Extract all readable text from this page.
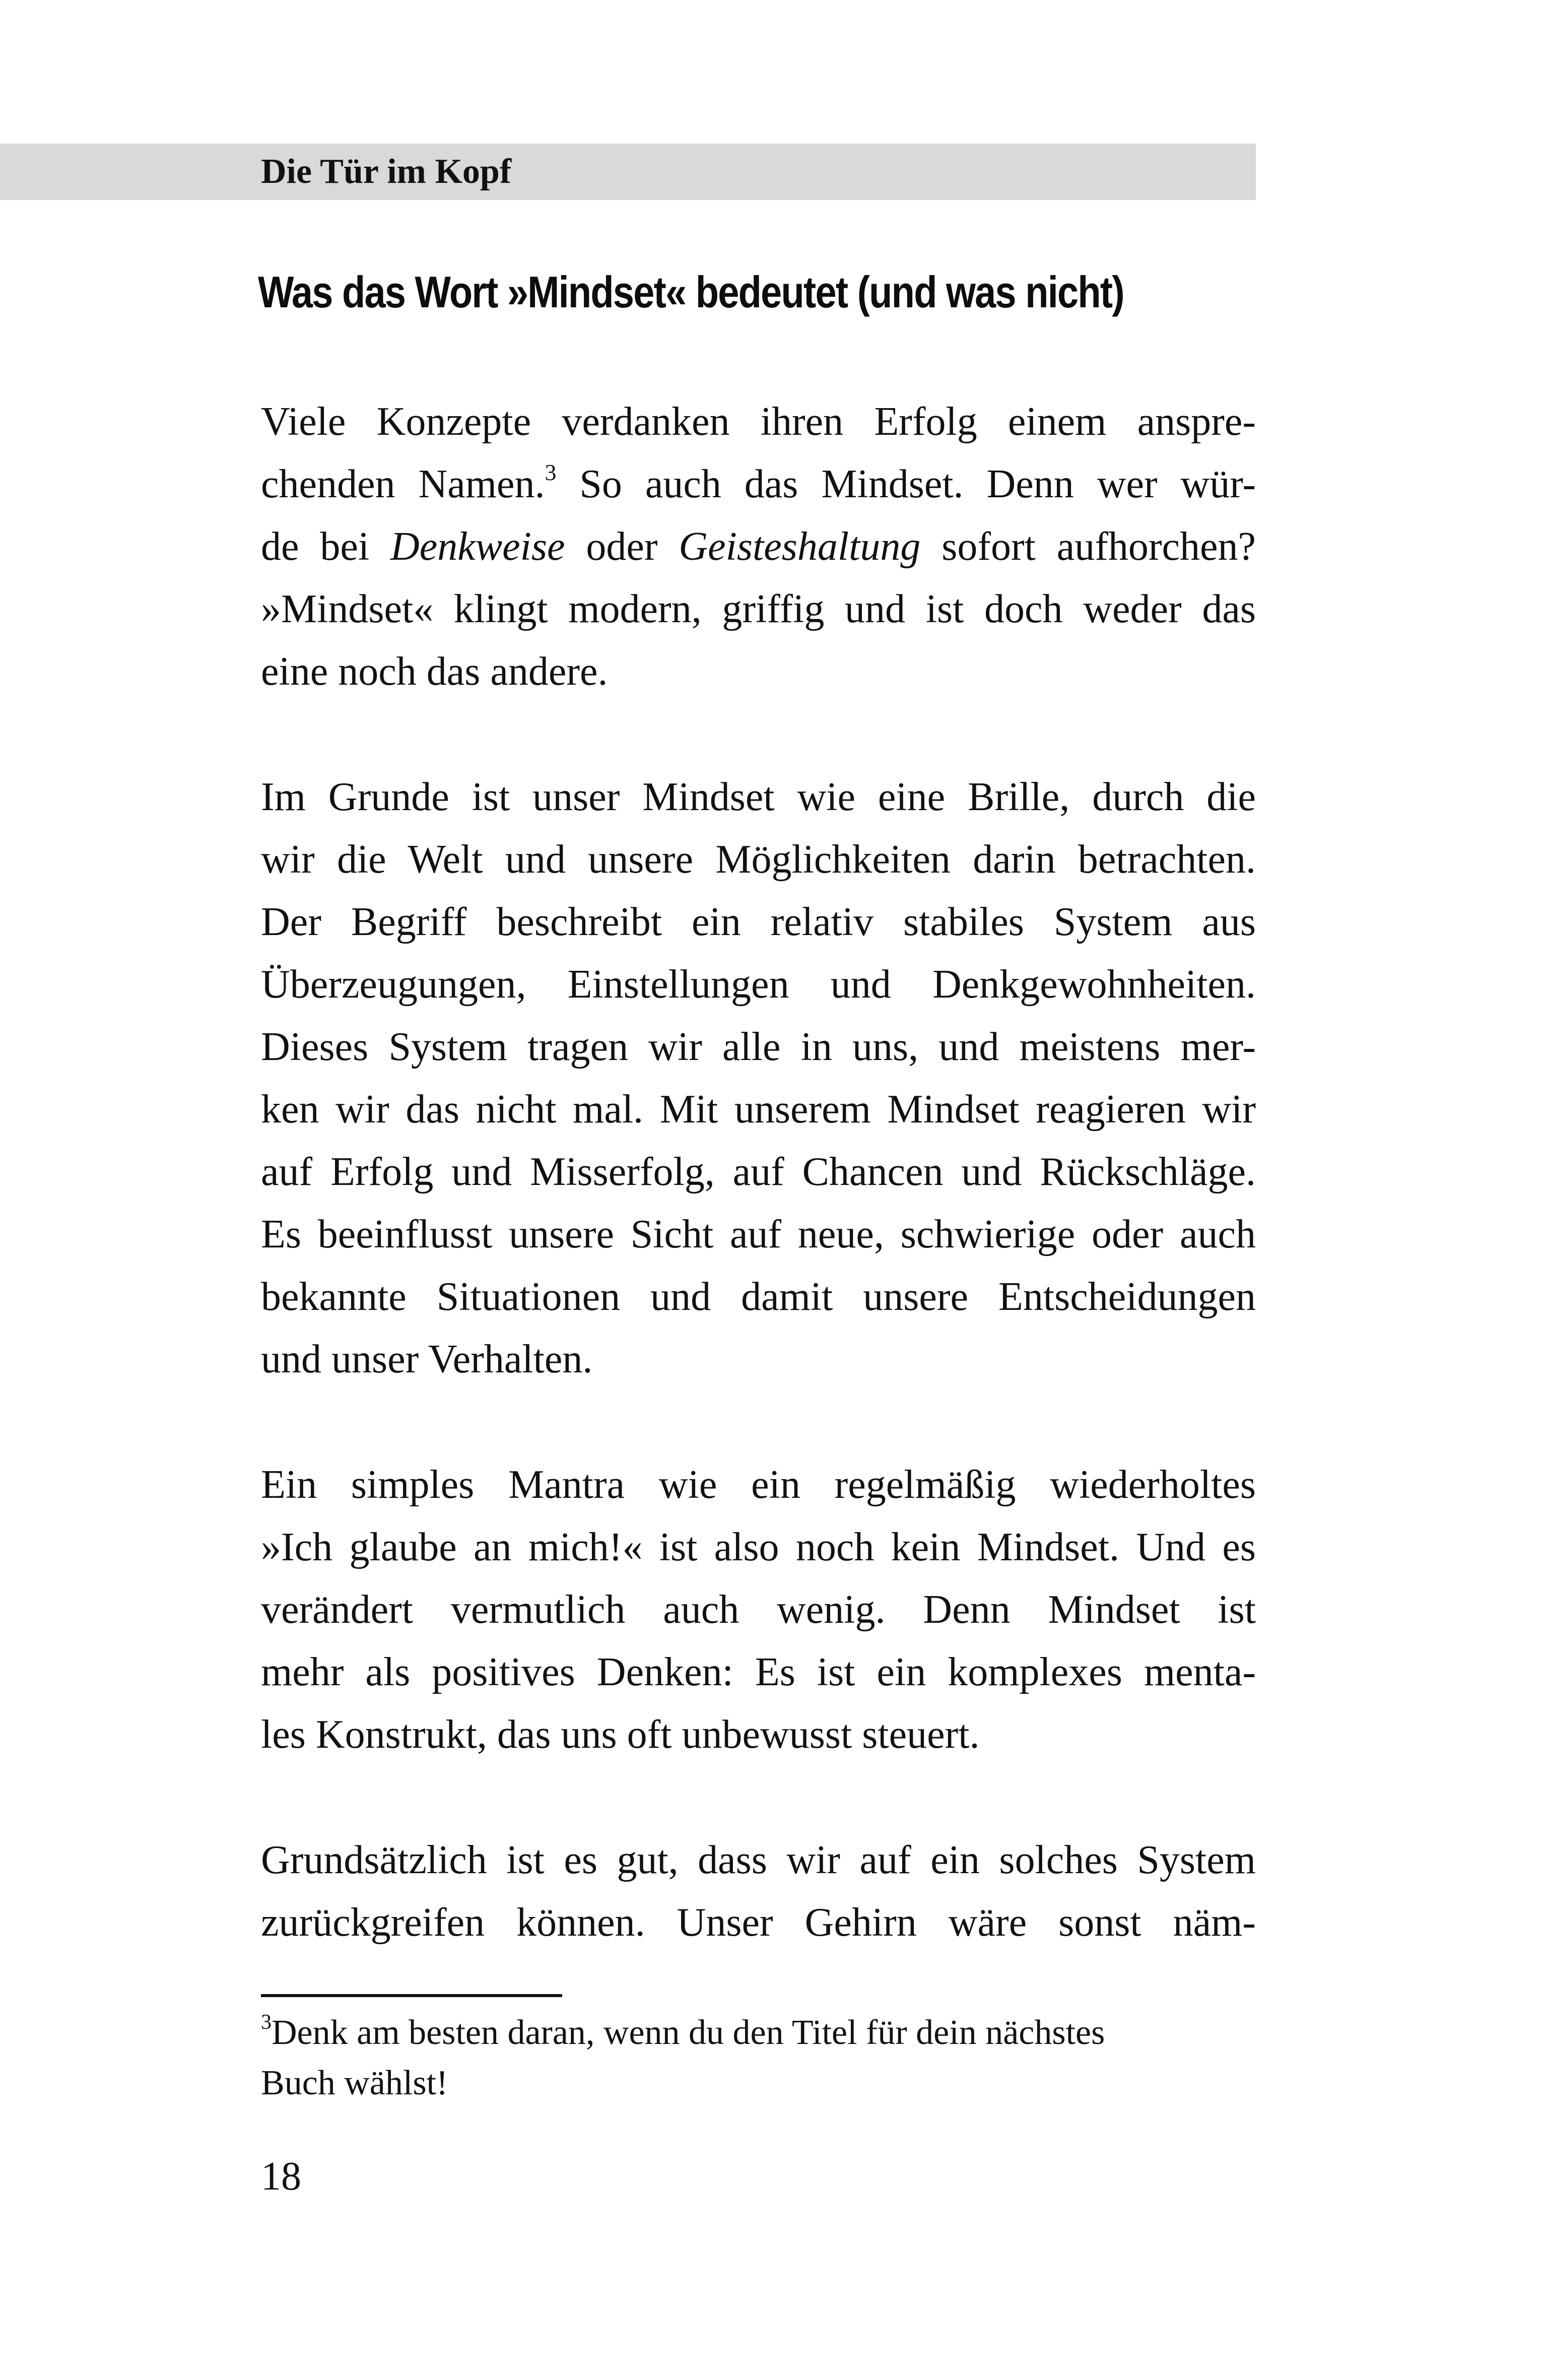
Die Tür im Kopf
Was das Wort »Mindset« bedeutet (und was nicht)

Viele Konzepte verdanken ihren Erfolg einem anspre-
chenden Namen.$^3$ So auch das Mindset. Denn wer wür-
de bei Denkweise oder Geisteshaltung sofort aufhorchen?
»Mindset« klingt modern, griffig und ist doch weder das
eine noch das andere.

Im Grunde ist unser Mindset wie eine Brille, durch die
wir die Welt und unsere Möglichkeiten darin betrachten.
Der Begriff beschreibt ein relativ stabiles System aus
Überzeugungen, Einstellungen und Denkgewohnheiten.
Dieses System tragen wir alle in uns, und meistens mer-
ken wir das nicht mal. Mit unserem Mindset reagieren wir
auf Erfolg und Misserfolg, auf Chancen und Rückschläge.
Es beeinflusst unsere Sicht auf neue, schwierige oder auch
bekannte Situationen und damit unsere Entscheidungen
und unser Verhalten.

Ein simples Mantra wie ein regelmäßig wiederholtes
»Ich glaube an mich!« ist also noch kein Mindset. Und es
verändert vermutlich auch wenig. Denn Mindset ist
mehr als positives Denken: Es ist ein komplexes menta-
les Konstrukt, das uns oft unbewusst steuert.

Grundsätzlich ist es gut, dass wir auf ein solches System
zurückgreifen können. Unser Gehirn wäre sonst näm-

$^3$Denk am besten daran, wenn du den Titel für dein nächstes
Buch wählst!
18
